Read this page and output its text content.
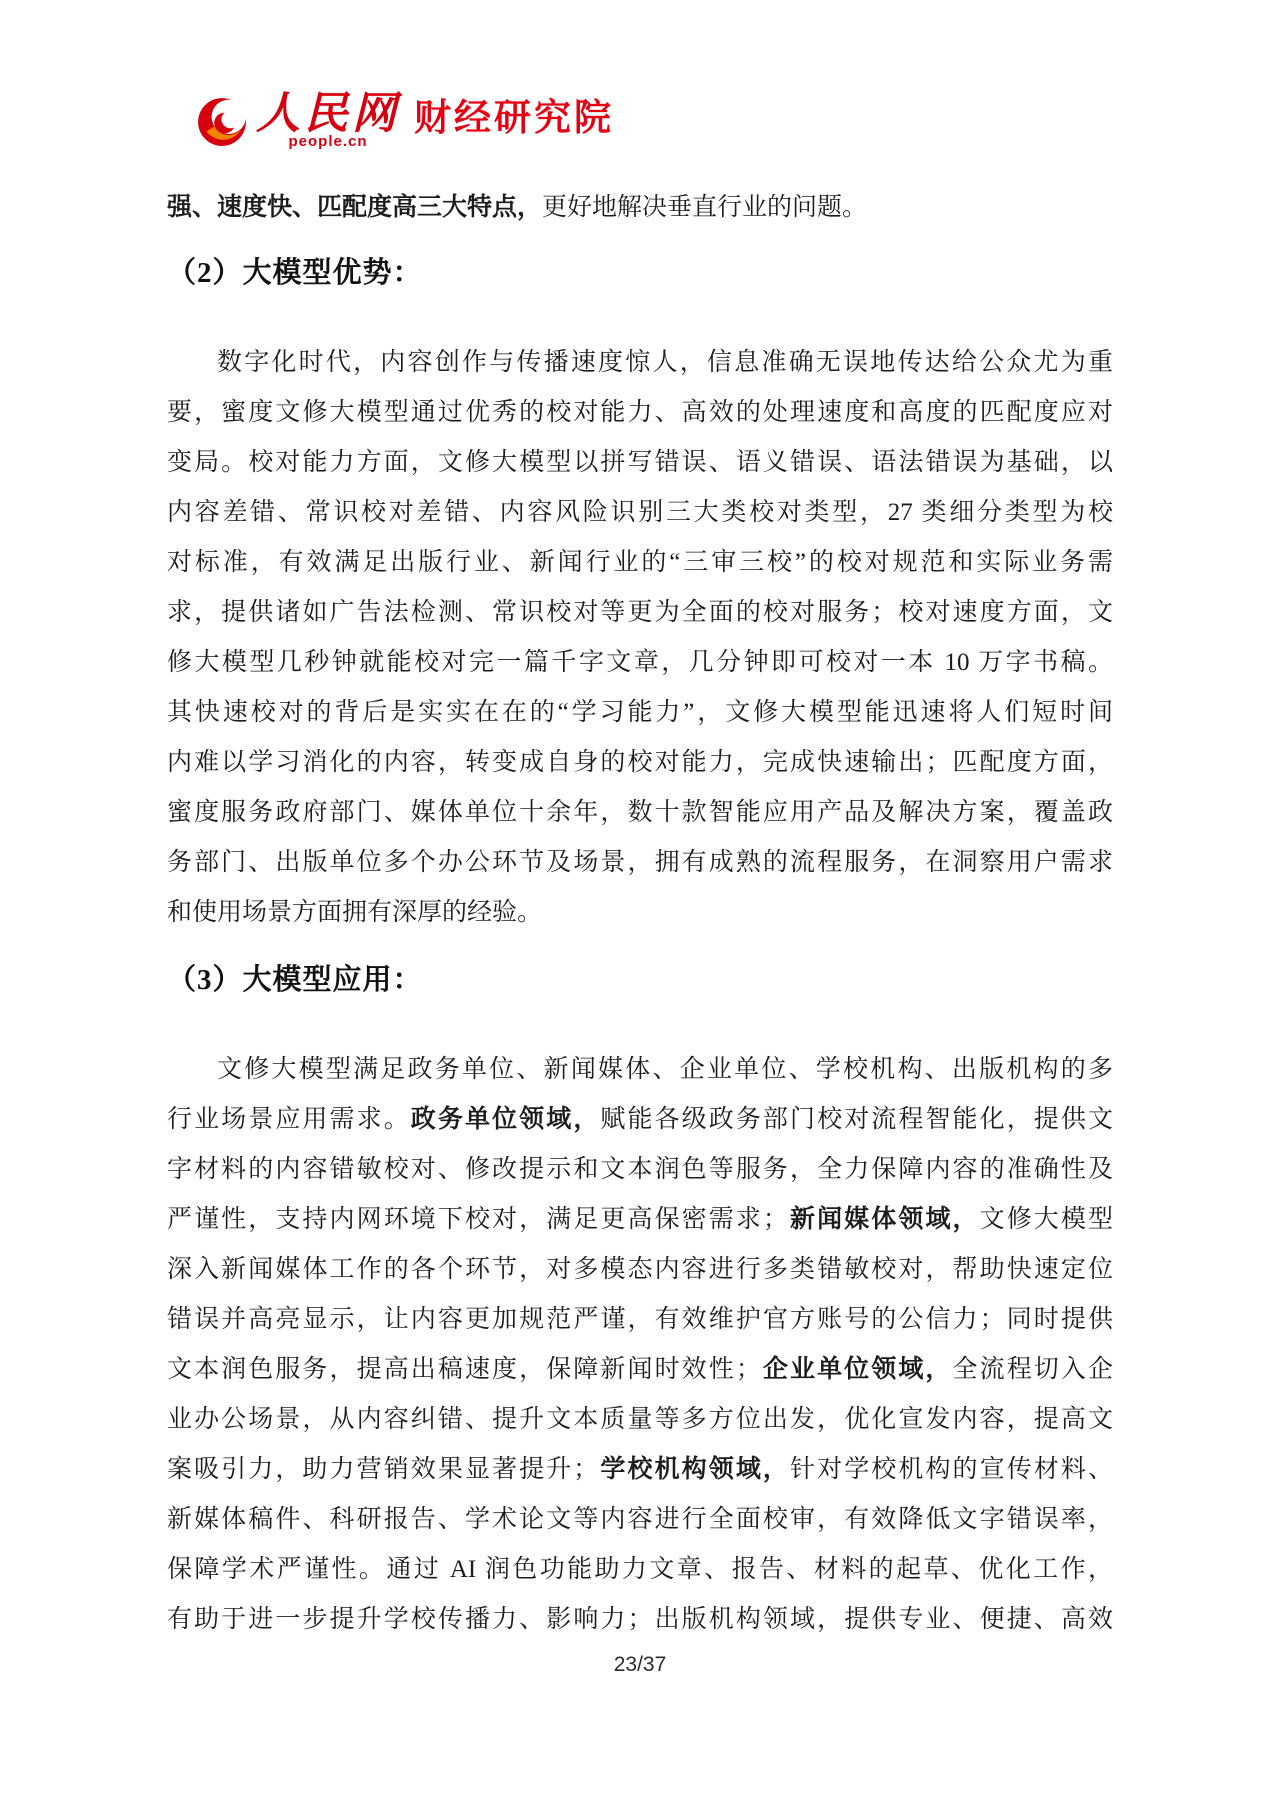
人民网
people.cn
财经研究院
强、速度快、匹配度高三大特点，更好地解决垂直行业的问题。
（2）大模型优势：
数字化时代，内容创作与传播速度惊人，信息准确无误地传达给公众尤为重
要，蜜度文修大模型通过优秀的校对能力、高效的处理速度和高度的匹配度应对
变局。校对能力方面，文修大模型以拼写错误、语义错误、语法错误为基础，以
内容差错、常识校对差错、内容风险识别三大类校对类型，27 类细分类型为校
对标准，有效满足出版行业、新闻行业的“三审三校”的校对规范和实际业务需
求，提供诸如广告法检测、常识校对等更为全面的校对服务；校对速度方面，文
修大模型几秒钟就能校对完一篇千字文章，几分钟即可校对一本 10 万字书稿。
其快速校对的背后是实实在在的“学习能力”，文修大模型能迅速将人们短时间
内难以学习消化的内容，转变成自身的校对能力，完成快速输出；匹配度方面，
蜜度服务政府部门、媒体单位十余年，数十款智能应用产品及解决方案，覆盖政
务部门、出版单位多个办公环节及场景，拥有成熟的流程服务，在洞察用户需求
和使用场景方面拥有深厚的经验。
（3）大模型应用：
文修大模型满足政务单位、新闻媒体、企业单位、学校机构、出版机构的多
行业场景应用需求。政务单位领域，赋能各级政务部门校对流程智能化，提供文
字材料的内容错敏校对、修改提示和文本润色等服务，全力保障内容的准确性及
严谨性，支持内网环境下校对，满足更高保密需求；新闻媒体领域，文修大模型
深入新闻媒体工作的各个环节，对多模态内容进行多类错敏校对，帮助快速定位
错误并高亮显示，让内容更加规范严谨，有效维护官方账号的公信力；同时提供
文本润色服务，提高出稿速度，保障新闻时效性；企业单位领域，全流程切入企
业办公场景，从内容纠错、提升文本质量等多方位出发，优化宣发内容，提高文
案吸引力，助力营销效果显著提升；学校机构领域，针对学校机构的宣传材料、
新媒体稿件、科研报告、学术论文等内容进行全面校审，有效降低文字错误率，
保障学术严谨性。通过 AI 润色功能助力文章、报告、材料的起草、优化工作，
有助于进一步提升学校传播力、影响力；出版机构领域，提供专业、便捷、高效
23/37
